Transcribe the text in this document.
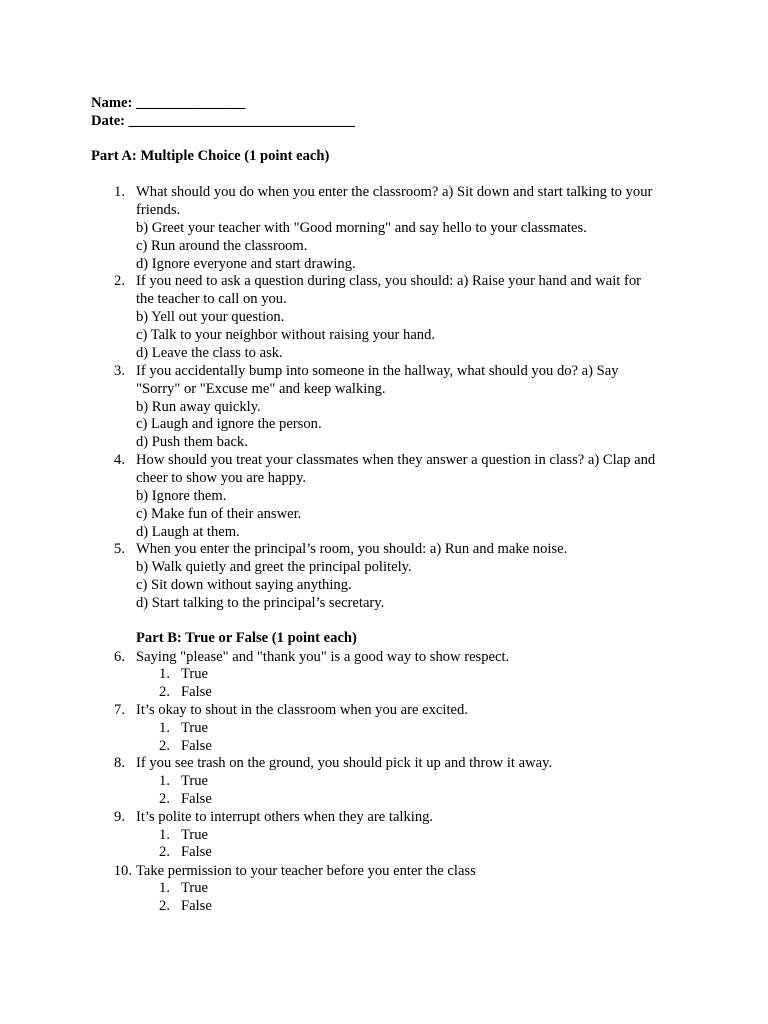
Name: _______________
Date: _______________________________
Part A: Multiple Choice (1 point each)
1. What should you do when you enter the classroom? a) Sit down and start talking to your
friends.
b) Greet your teacher with "Good morning" and say hello to your classmates.
c) Run around the classroom.
d) Ignore everyone and start drawing.
2. If you need to ask a question during class, you should: a) Raise your hand and wait for
the teacher to call on you.
b) Yell out your question.
c) Talk to your neighbor without raising your hand.
d) Leave the class to ask.
3. If you accidentally bump into someone in the hallway, what should you do? a) Say
"Sorry" or "Excuse me" and keep walking.
b) Run away quickly.
c) Laugh and ignore the person.
d) Push them back.
4. How should you treat your classmates when they answer a question in class? a) Clap and
cheer to show you are happy.
b) Ignore them.
c) Make fun of their answer.
d) Laugh at them.
5. When you enter the principal’s room, you should: a) Run and make noise.
b) Walk quietly and greet the principal politely.
c) Sit down without saying anything.
d) Start talking to the principal’s secretary.
Part B: True or False (1 point each)
6. Saying "please" and "thank you" is a good way to show respect.
1. True
2. False
7. It’s okay to shout in the classroom when you are excited.
1. True
2. False
8. If you see trash on the ground, you should pick it up and throw it away.
1. True
2. False
9. It’s polite to interrupt others when they are talking.
1. True
2. False
10. Take permission to your teacher before you enter the class
1. True
2. False
